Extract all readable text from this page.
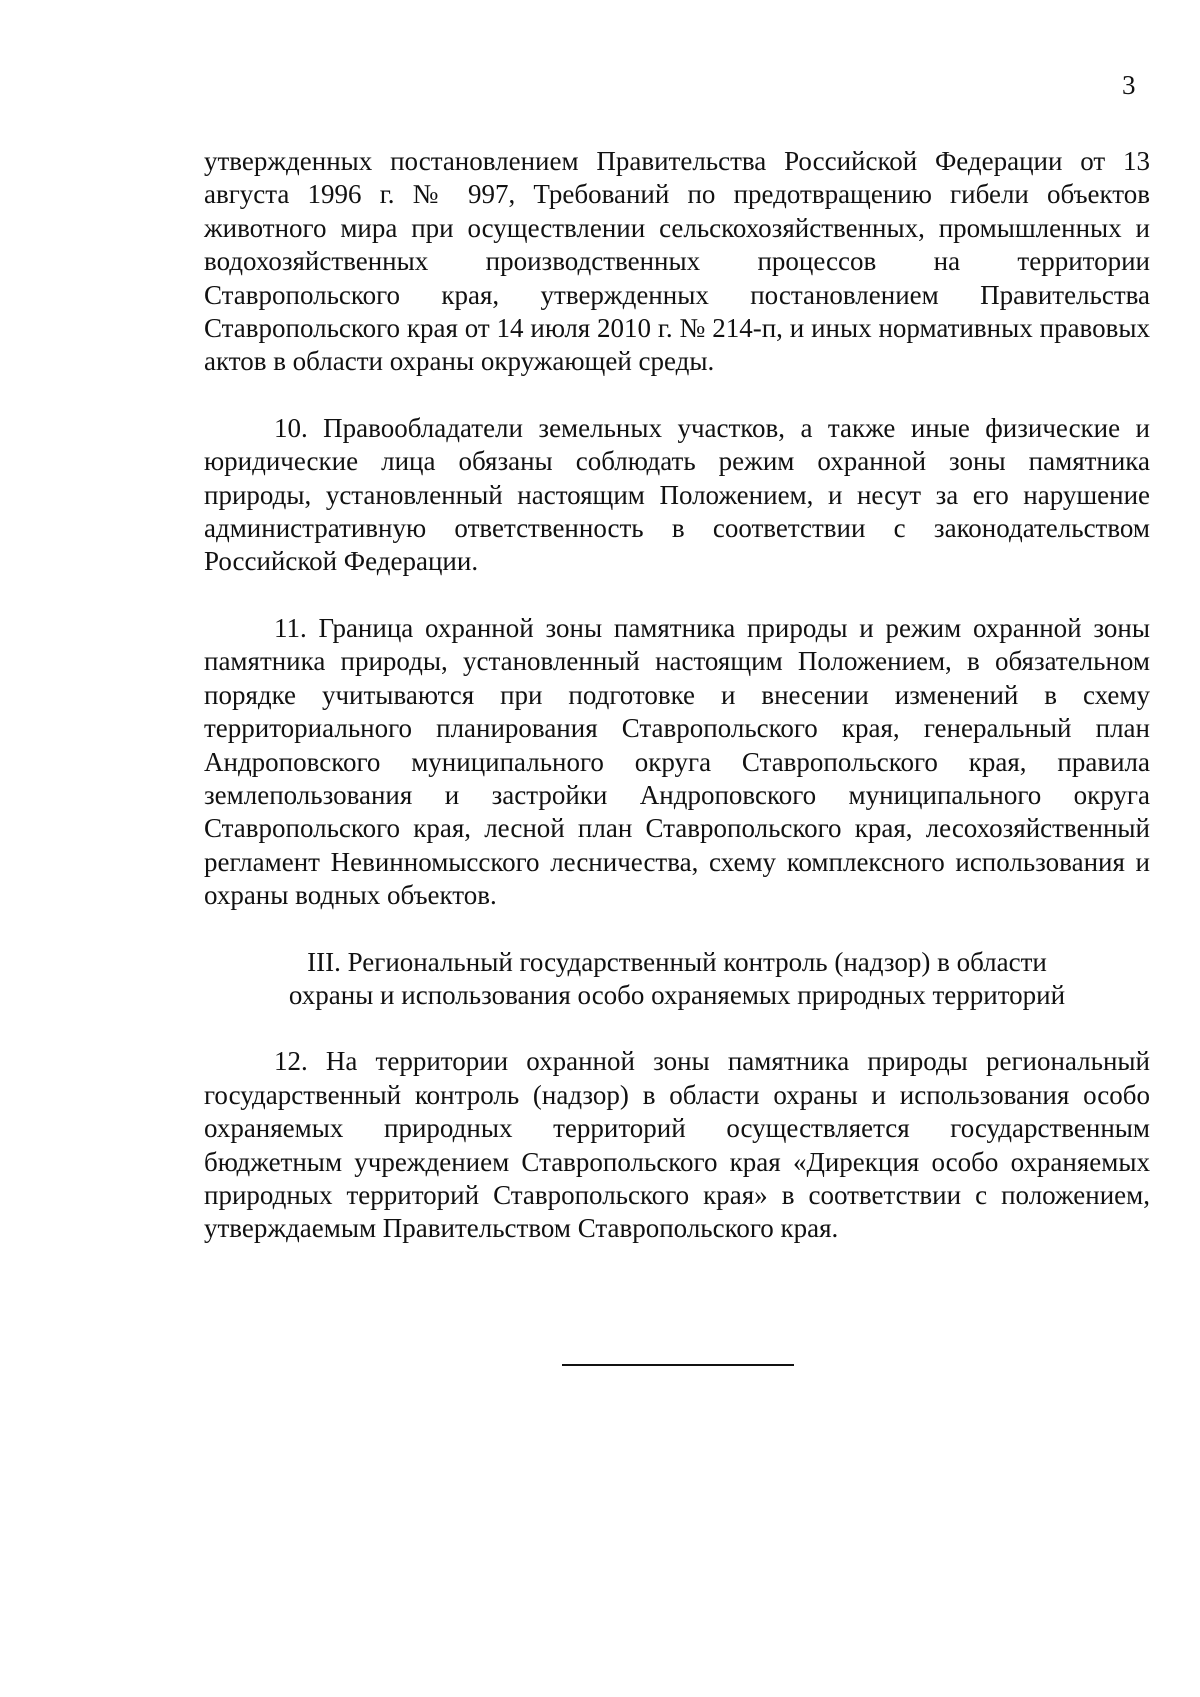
3

утвержденных постановлением Правительства Российской Федерации от 13 августа 1996 г. № 997, Требований по предотвращению гибели объектов животного мира при осуществлении сельскохозяйственных, промышленных и водохозяйственных производственных процессов на территории Ставропольского края, утвержденных постановлением Правительства Ставропольского края от 14 июля 2010 г. № 214-п, и иных нормативных правовых актов в области охраны окружающей среды.

10. Правообладатели земельных участков, а также иные физические и юридические лица обязаны соблюдать режим охранной зоны памятника природы, установленный настоящим Положением, и несут за его нарушение административную ответственность в соответствии с законодательством Российской Федерации.

11. Граница охранной зоны памятника природы и режим охранной зоны памятника природы, установленный настоящим Положением, в обязательном порядке учитываются при подготовке и внесении изменений в схему территориального планирования Ставропольского края, генеральный план Андроповского муниципального округа Ставропольского края, правила землепользования и застройки Андроповского муниципального округа Ставропольского края, лесной план Ставропольского края, лесохозяйственный регламент Невинномысского лесничества, схему комплексного использования и охраны водных объектов.

III. Региональный государственный контроль (надзор) в области
охраны и использования особо охраняемых природных территорий

12. На территории охранной зоны памятника природы региональный государственный контроль (надзор) в области охраны и использования особо охраняемых природных территорий осуществляется государственным бюджетным учреждением Ставропольского края «Дирекция особо охраняемых природных территорий Ставропольского края» в соответствии с положением, утверждаемым Правительством Ставропольского края.
